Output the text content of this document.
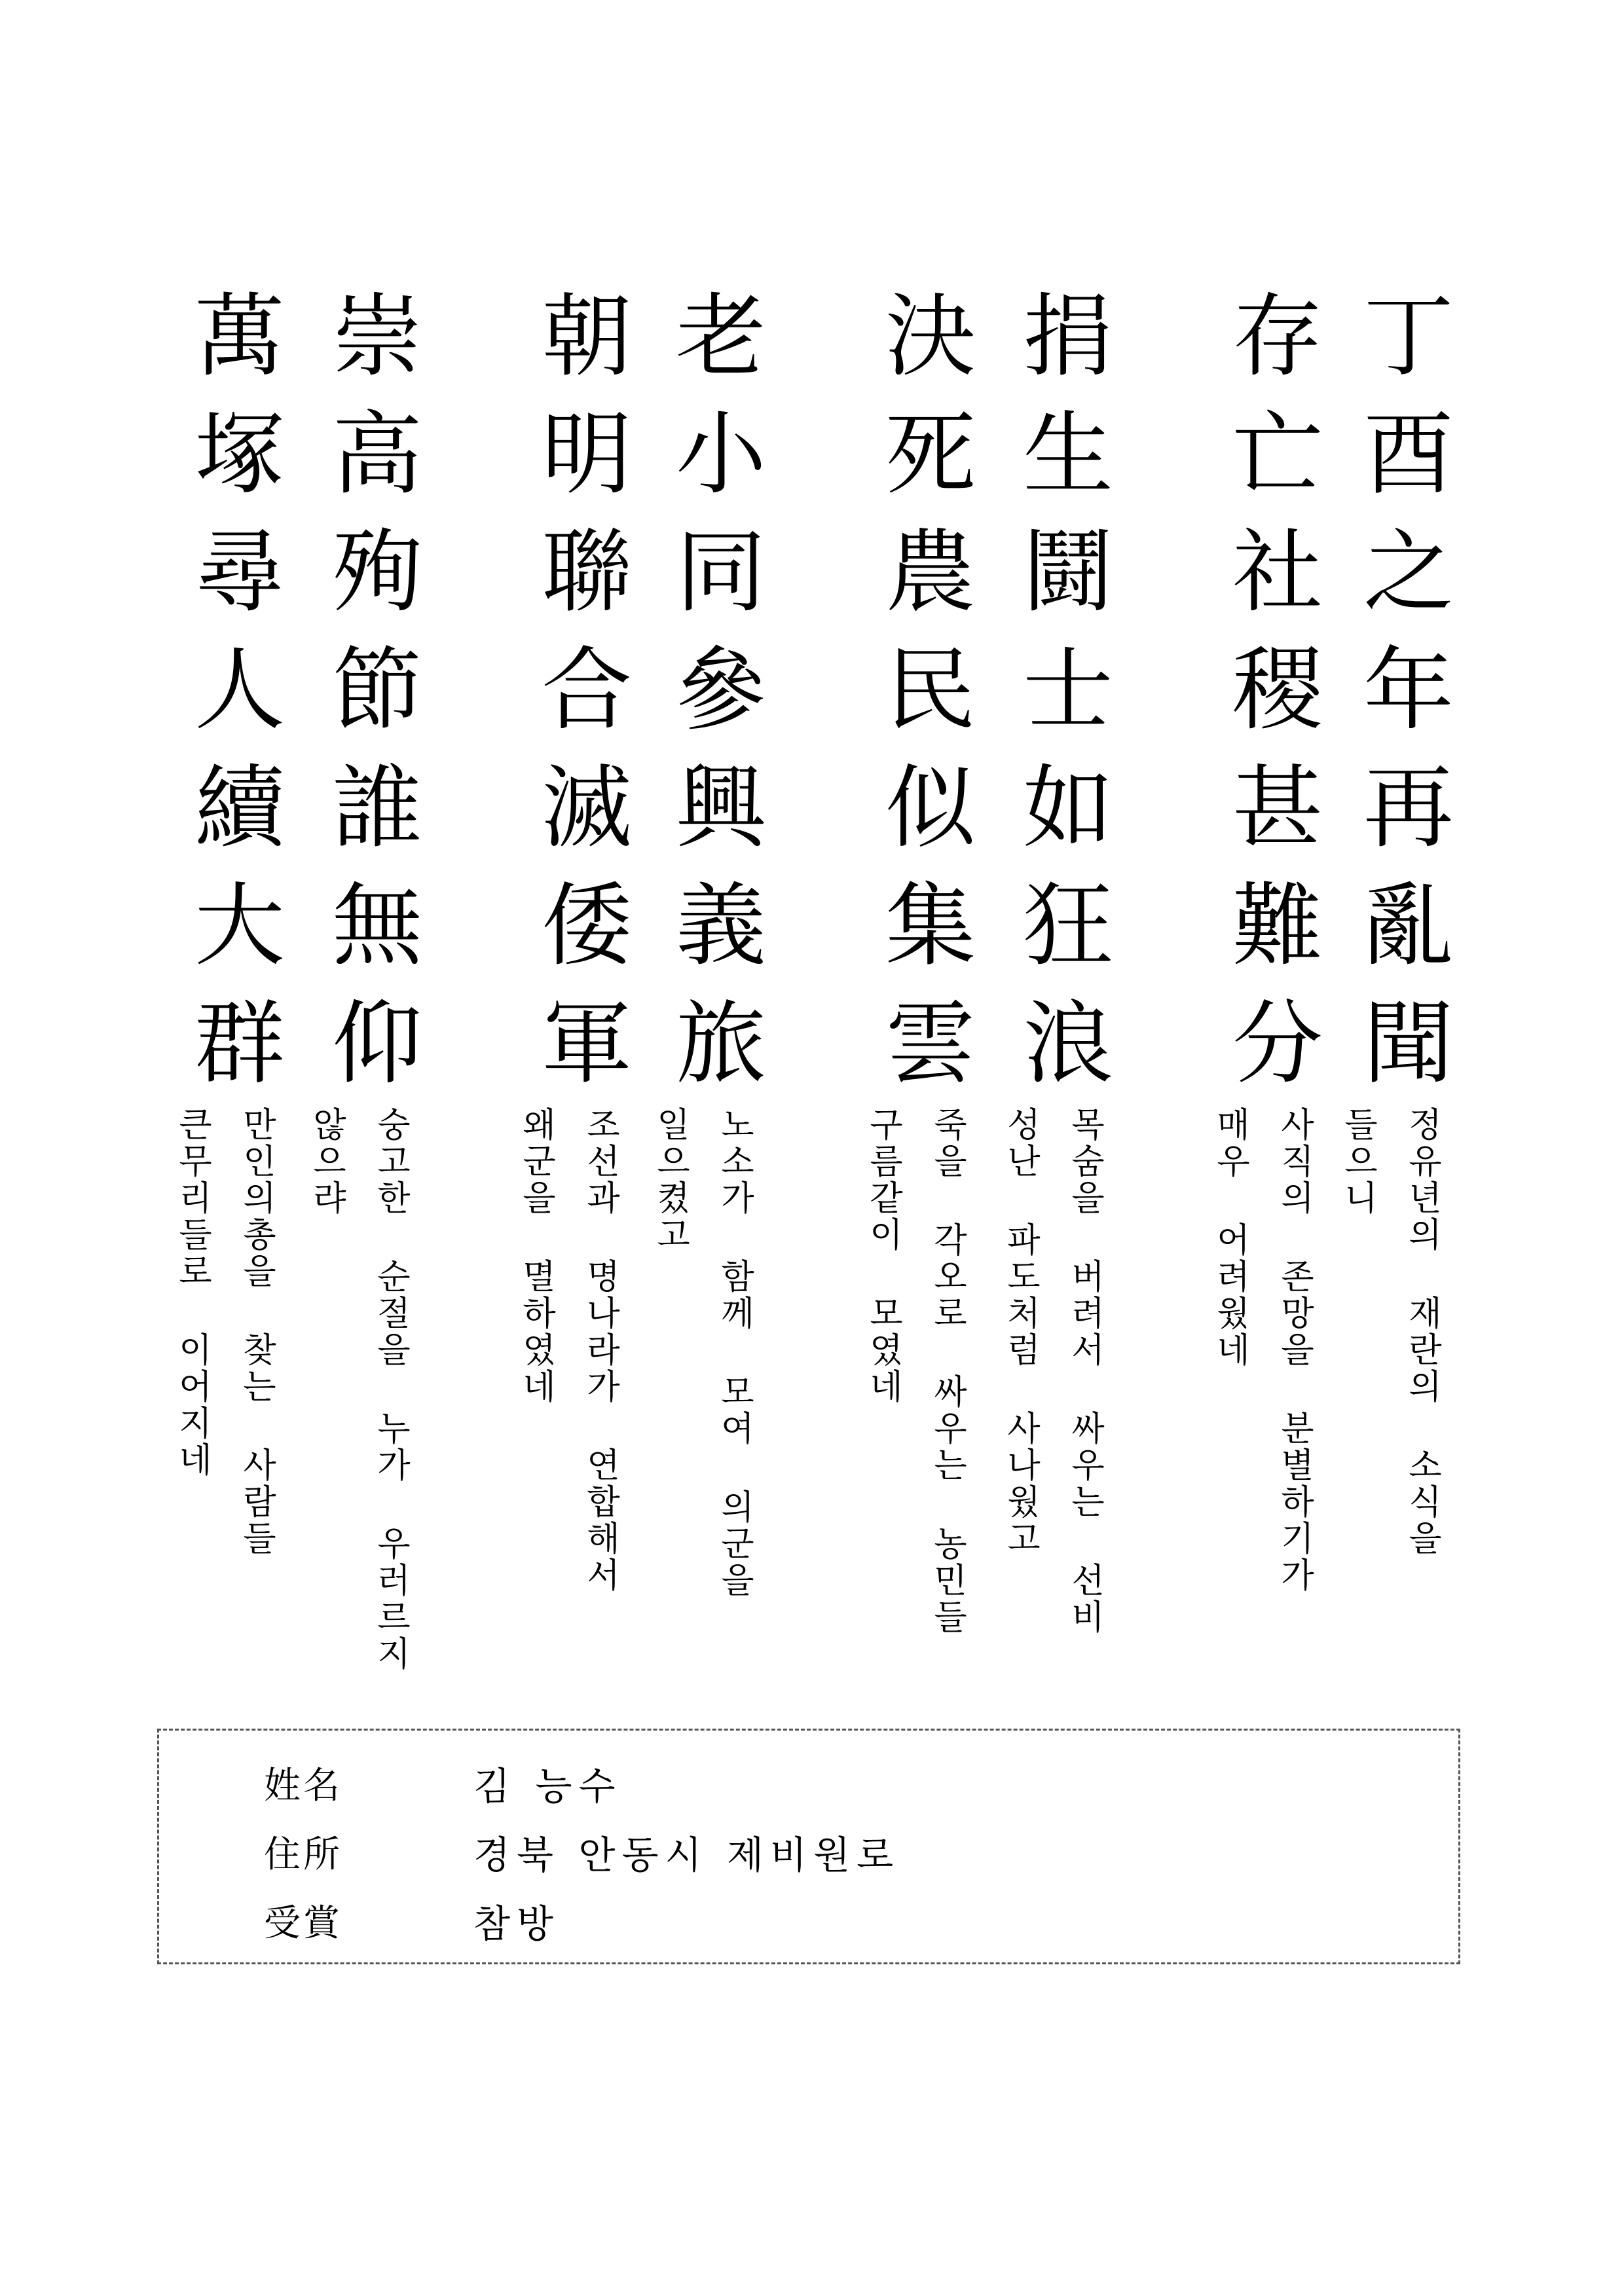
丁酉之年再亂聞
存亡社稷甚難分
捐生鬪士如狂浪
決死農民似集雲
老小同參興義旅
朝明聯合滅倭軍
崇高殉節誰無仰
萬塚尋人續大群
정유년의 재란의 소식을 들으니
사직의 존망을 분별하기가 매우 어려웠네
목숨을 버려서 싸우는 선비 성난 파도처럼 사나웠고
죽을 각오로 싸우는 농민들 구름같이 모였네
노소가 함께 모여 의군을 일으켰고
조선과 명나라가 연합해서 왜군을 멸하였네
숭고한 순절을 누가 우러르지 않으랴
만인의총을 찾는 사람들 큰무리들로 이어지네
姓名	김 능수
住所	경북 안동시 제비원로
受賞	참방
